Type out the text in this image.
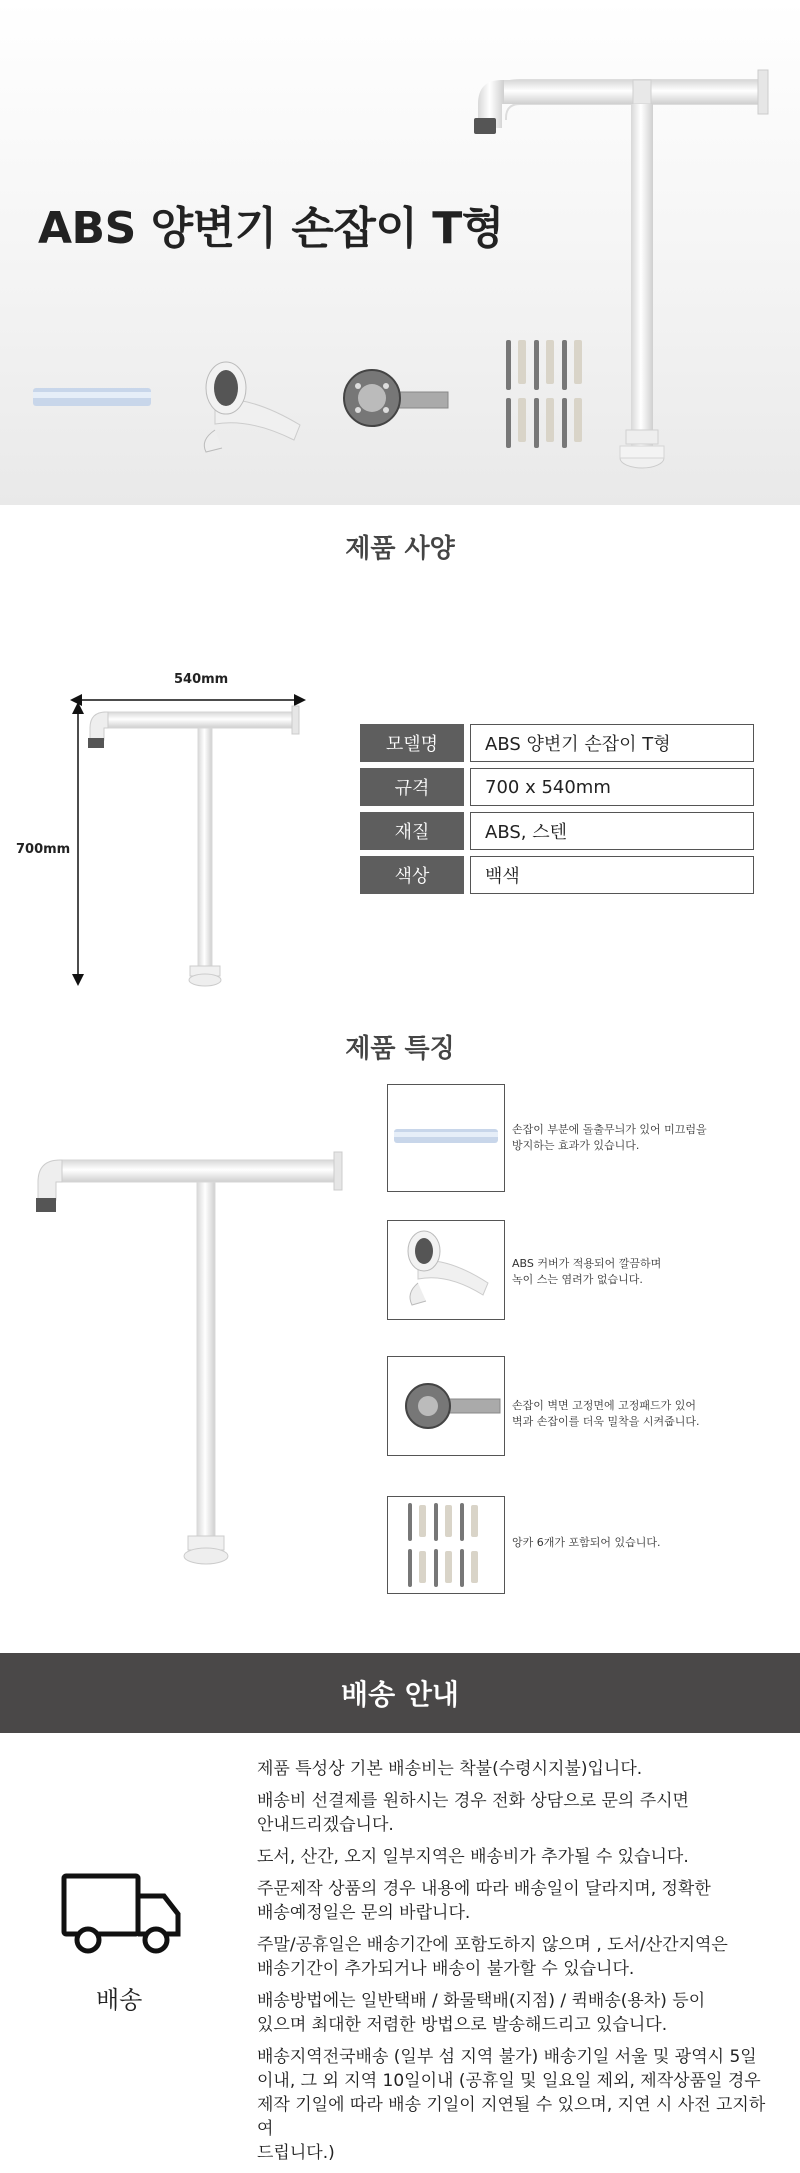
ABS 양변기 손잡이 T형
제품 사양
540mm
700mm
모델명	ABS 양변기 손잡이 T형
규격	700 x 540mm
재질	ABS, 스텐
색상	백색
제품 특징
손잡이 부분에 돌출무늬가 있어 미끄럼을
방지하는 효과가 있습니다.
ABS 커버가 적용되어 깔끔하며
녹이 스는 염려가 없습니다.
손잡이 벽면 고정면에 고정패드가 있어
벽과 손잡이를 더욱 밀착을 시켜줍니다.
앙카 6개가 포함되어 있습니다.
배송 안내
배송

제품 특성상 기본 배송비는 착불(수령시지불)입니다.

배송비 선결제를 원하시는 경우 전화 상담으로 문의 주시면
안내드리겠습니다.

도서, 산간, 오지 일부지역은 배송비가 추가될 수 있습니다.

주문제작 상품의 경우 내용에 따라 배송일이 달라지며, 정확한
배송예정일은 문의 바랍니다.

주말/공휴일은 배송기간에 포함도하지 않으며 , 도서/산간지역은
배송기간이 추가되거나 배송이 불가할 수 있습니다.

배송방법에는 일반택배 / 화물택배(지점) / 퀵배송(용차) 등이
있으며 최대한 저렴한 방법으로 발송해드리고 있습니다.

배송지역전국배송 (일부 섬 지역 불가) 배송기일 서울 및 광역시 5일
이내, 그 외 지역 10일이내 (공휴일 및 일요일 제외, 제작상품일 경우
제작 기일에 따라 배송 기일이 지연될 수 있으며, 지연 시 사전 고지하여
드립니다.)
